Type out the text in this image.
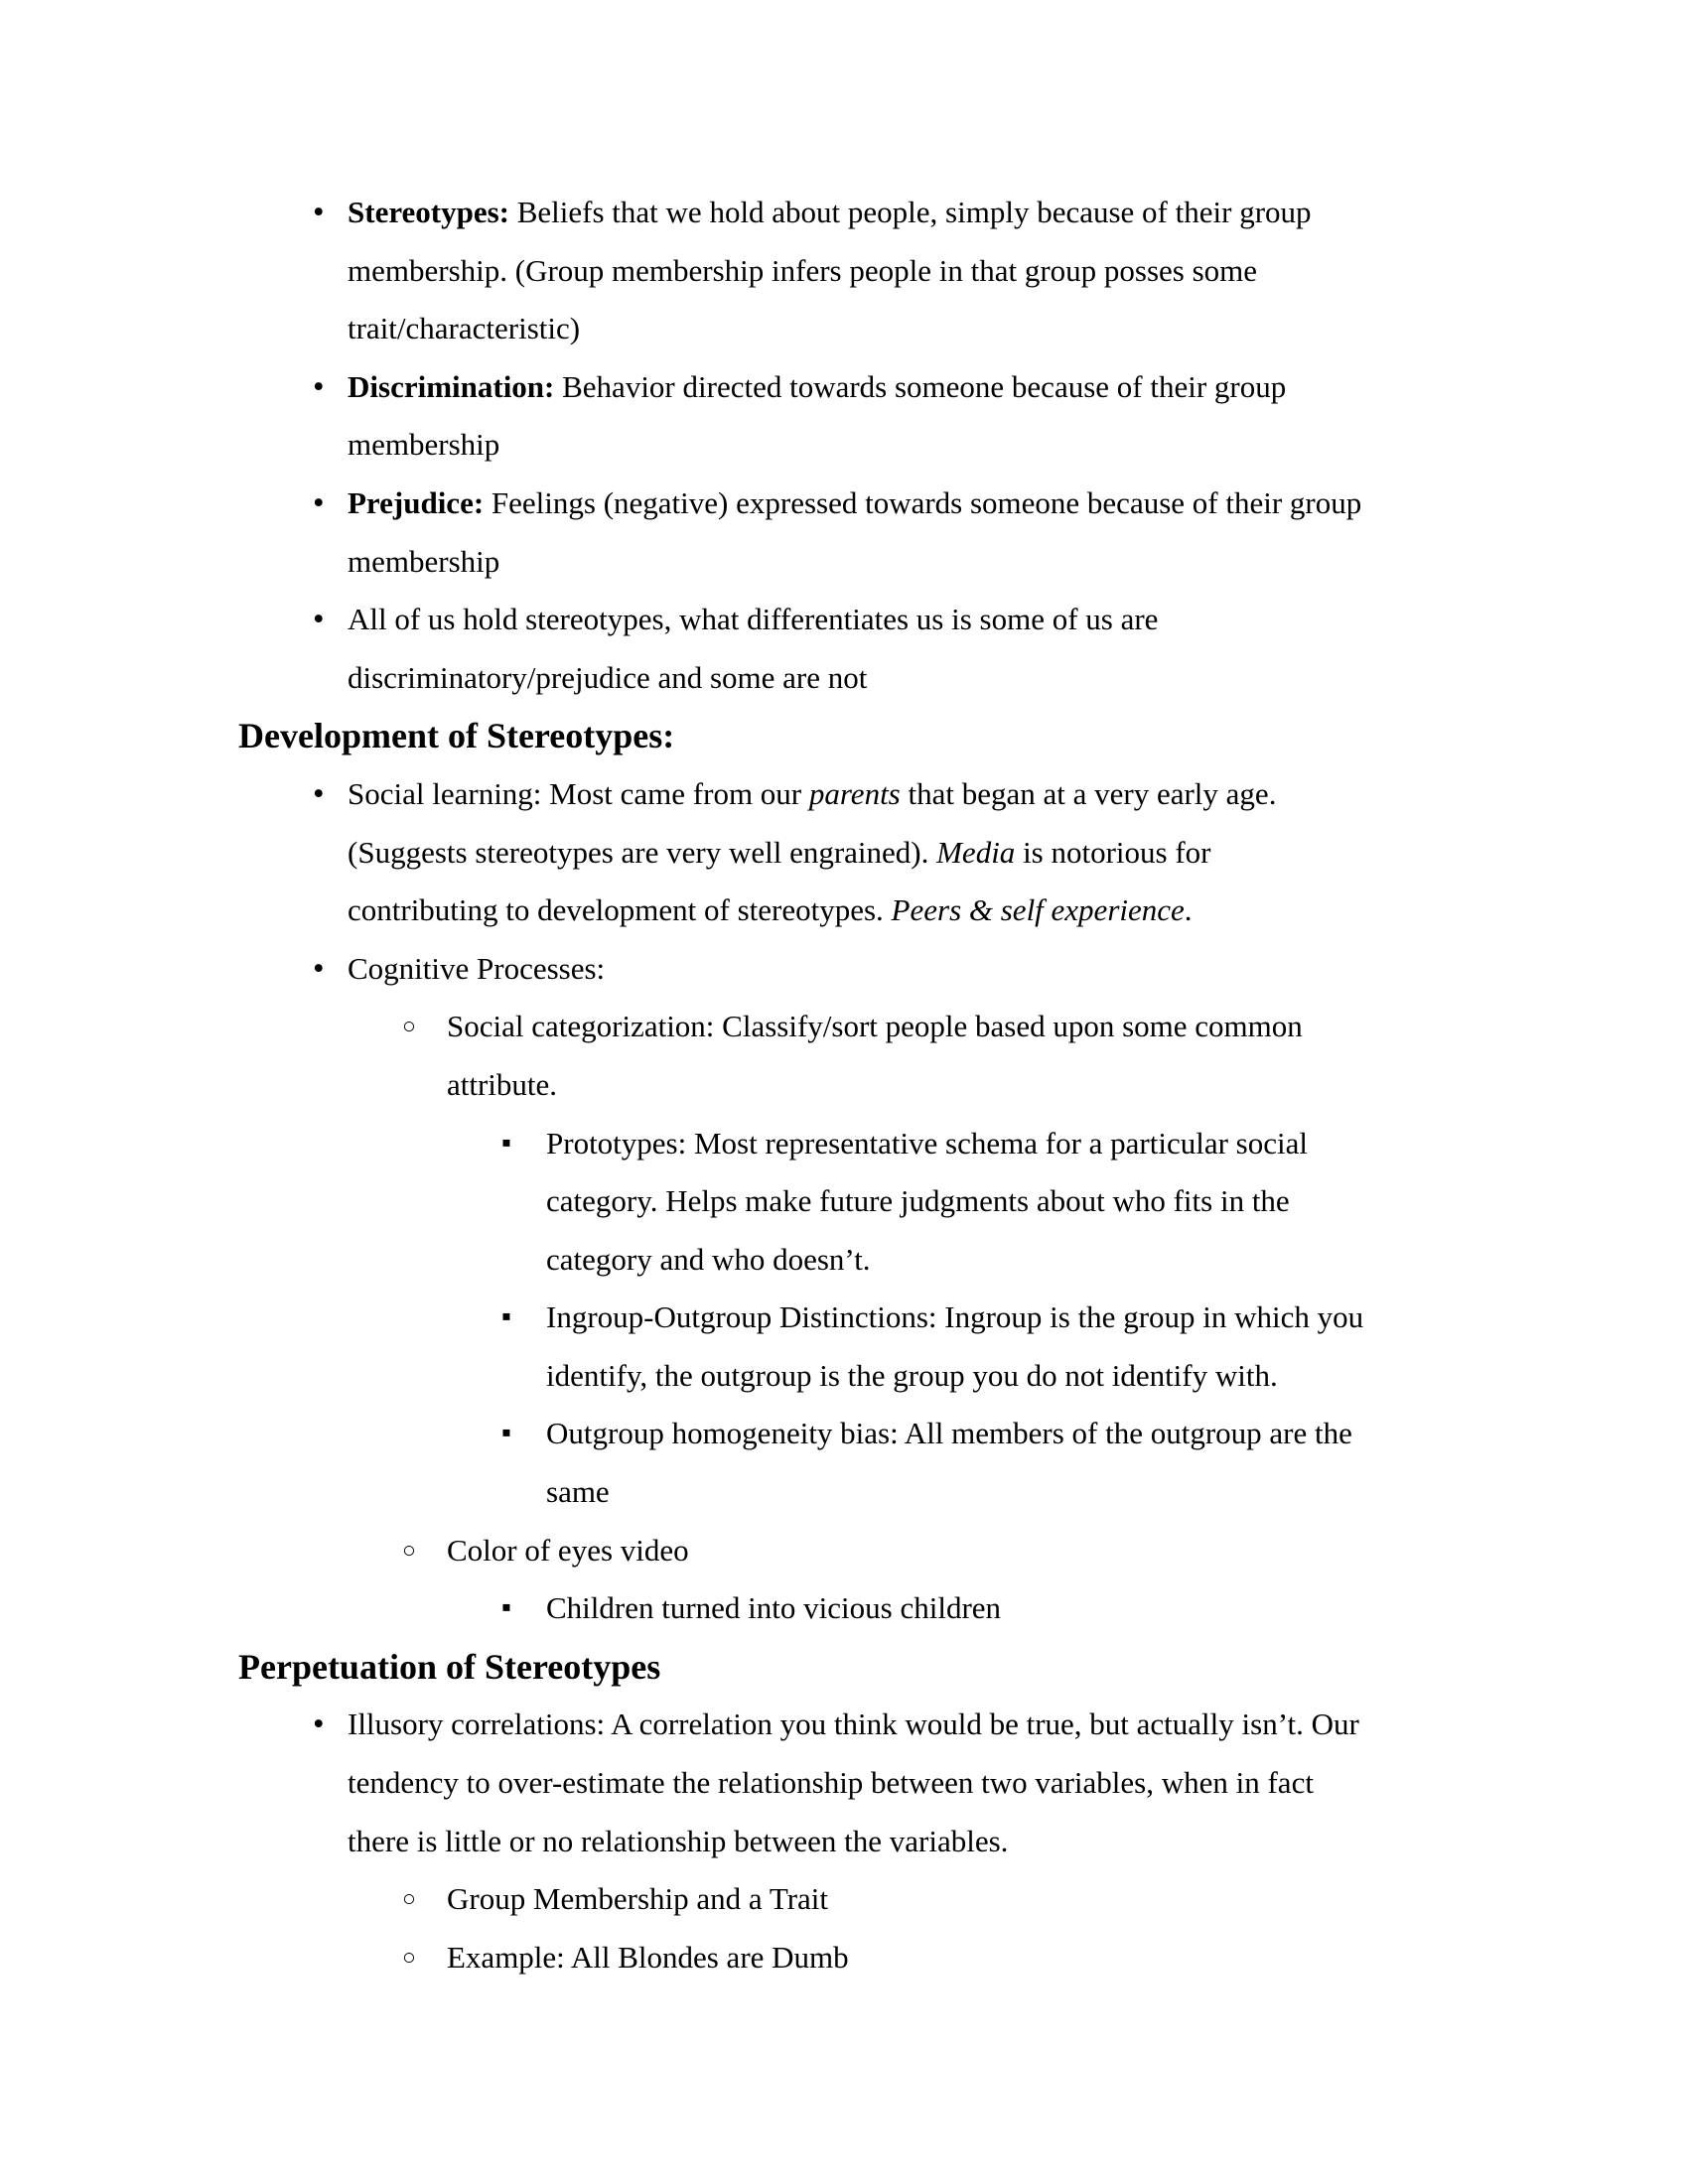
• Stereotypes: Beliefs that we hold about people, simply because of their group
membership. (Group membership infers people in that group posses some
trait/characteristic)
• Discrimination: Behavior directed towards someone because of their group
membership
• Prejudice: Feelings (negative) expressed towards someone because of their group
membership
• All of us hold stereotypes, what differentiates us is some of us are
discriminatory/prejudice and some are not
Development of Stereotypes:
• Social learning: Most came from our parents that began at a very early age.
(Suggests stereotypes are very well engrained). Media is notorious for
contributing to development of stereotypes. Peers & self experience.
• Cognitive Processes:
○ Social categorization: Classify/sort people based upon some common
attribute.
▪ Prototypes: Most representative schema for a particular social
category. Helps make future judgments about who fits in the
category and who doesn’t.
▪ Ingroup-Outgroup Distinctions: Ingroup is the group in which you
identify, the outgroup is the group you do not identify with.
▪ Outgroup homogeneity bias: All members of the outgroup are the
same
○ Color of eyes video
▪ Children turned into vicious children
Perpetuation of Stereotypes
• Illusory correlations: A correlation you think would be true, but actually isn’t. Our
tendency to over-estimate the relationship between two variables, when in fact
there is little or no relationship between the variables.
○ Group Membership and a Trait
○ Example: All Blondes are Dumb
